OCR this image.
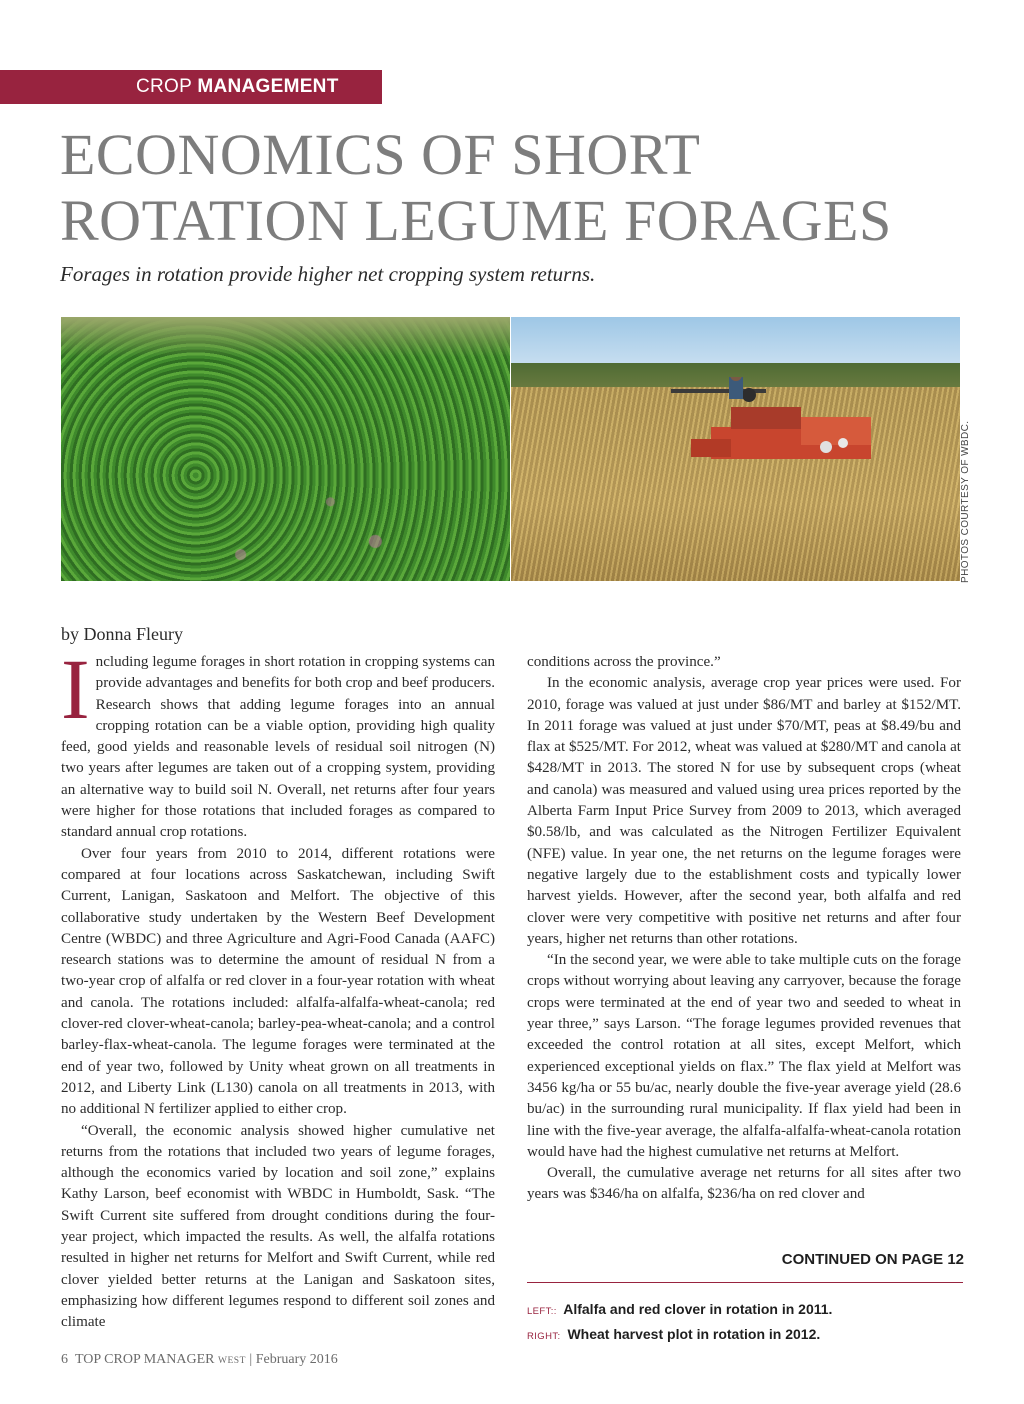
CROP MANAGEMENT
ECONOMICS OF SHORT
ROTATION LEGUME FORAGES
Forages in rotation provide higher net cropping system returns.
PHOTOS COURTESY OF WBDC.
by Donna Fleury

Including legume forages in short rotation in cropping systems can provide advantages and benefits for both crop and beef producers. Research shows that adding legume forages into an annual cropping rotation can be a viable option, providing high quality feed, good yields and reasonable levels of residual soil nitrogen (N) two years after legumes are taken out of a cropping system, providing an alternative way to build soil N. Overall, net returns after four years were higher for those rotations that included forages as compared to standard annual crop rotations.

Over four years from 2010 to 2014, different rotations were compared at four locations across Saskatchewan, including Swift Current, Lanigan, Saskatoon and Melfort. The objective of this collaborative study undertaken by the Western Beef Development Centre (WBDC) and three Agriculture and Agri-Food Canada (AAFC) research stations was to determine the amount of residual N from a two-year crop of alfalfa or red clover in a four-year rotation with wheat and canola. The rotations included: alfalfa-alfalfa-wheat-canola; red clover-red clover-wheat-canola; barley-pea-wheat-canola; and a control barley-flax-wheat-canola. The legume forages were terminated at the end of year two, followed by Unity wheat grown on all treatments in 2012, and Liberty Link (L130) canola on all treatments in 2013, with no additional N fertilizer applied to either crop.

“Overall, the economic analysis showed higher cumulative net returns from the rotations that included two years of legume forages, although the economics varied by location and soil zone,” explains Kathy Larson, beef economist with WBDC in Humboldt, Sask. “The Swift Current site suffered from drought conditions during the four-year project, which impacted the results. As well, the alfalfa rotations resulted in higher net returns for Melfort and Swift Current, while red clover yielded better returns at the Lanigan and Saskatoon sites, emphasizing how different legumes respond to different soil zones and climate

conditions across the province.”

In the economic analysis, average crop year prices were used. For 2010, forage was valued at just under $86/MT and barley at $152/MT. In 2011 forage was valued at just under $70/MT, peas at $8.49/bu and flax at $525/MT. For 2012, wheat was valued at $280/MT and canola at $428/MT in 2013. The stored N for use by subsequent crops (wheat and canola) was measured and valued using urea prices reported by the Alberta Farm Input Price Survey from 2009 to 2013, which averaged $0.58/lb, and was calculated as the Nitrogen Fertilizer Equivalent (NFE) value. In year one, the net returns on the legume forages were negative largely due to the establishment costs and typically lower harvest yields. However, after the second year, both alfalfa and red clover were very competitive with positive net returns and after four years, higher net returns than other rotations.

“In the second year, we were able to take multiple cuts on the forage crops without worrying about leaving any carryover, because the forage crops were terminated at the end of year two and seeded to wheat in year three,” says Larson. “The forage legumes provided revenues that exceeded the control rotation at all sites, except Melfort, which experienced exceptional yields on flax.” The flax yield at Melfort was 3456 kg/ha or 55 bu/ac, nearly double the five-year average yield (28.6 bu/ac) in the surrounding rural municipality. If flax yield had been in line with the five-year average, the alfalfa-alfalfa-wheat-canola rotation would have had the highest cumulative net returns at Melfort.

Overall, the cumulative average net returns for all sites after two years was $346/ha on alfalfa, $236/ha on red clover and

CONTINUED ON PAGE 12
LEFT:: Alfalfa and red clover in rotation in 2011.
RIGHT: Wheat harvest plot in rotation in 2012.
6 TOP CROP MANAGER WEST | February 2016
